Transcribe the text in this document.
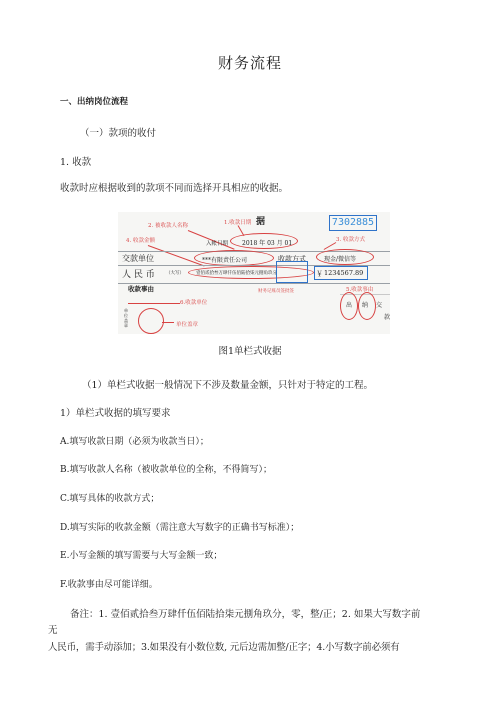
财务流程
一、出纳岗位流程
（一）款项的收付
1. 收款
收款时应根据收到的款项不同而选择开具相应的收据。
7302885
据
1.收款日期
2. 被收款人名称
4. 收款金额	3. 收款方式
入帐日期 2018 年 03 月 01
交款单位	***有限责任公司	收款方式	现金/微信等
人 民 币	（大写）	壹佰贰拾叁万肆仟伍佰陆拾柒元捌角玖分	￥ 1234567.89
收款事由	财务记账员签批签	5.收款事由
6.收款单位
单位盖章	单位盖章
出 纳 交
款
图1单栏式收据
（1）单栏式收据一般情况下不涉及数量金额，只针对于特定的工程。
1）单栏式收据的填写要求
A.填写收款日期（必须为收款当日）；
B.填写收款人名称（被收款单位的全称，不得简写）；
C.填写具体的收款方式；
D.填写实际的收款金额（需注意大写数字的正确书写标准）；
E.小写金额的填写需要与大写金额一致；
F.收款事由尽可能详细。
备注：1. 壹佰贰拾叁万肆仟伍佰陆拾柒元捌角玖分，零，整/正；2. 如果大写数字前
无
人民币，需手动添加；3.如果没有小数位数, 元后边需加整/正字；4.小写数字前必须有
